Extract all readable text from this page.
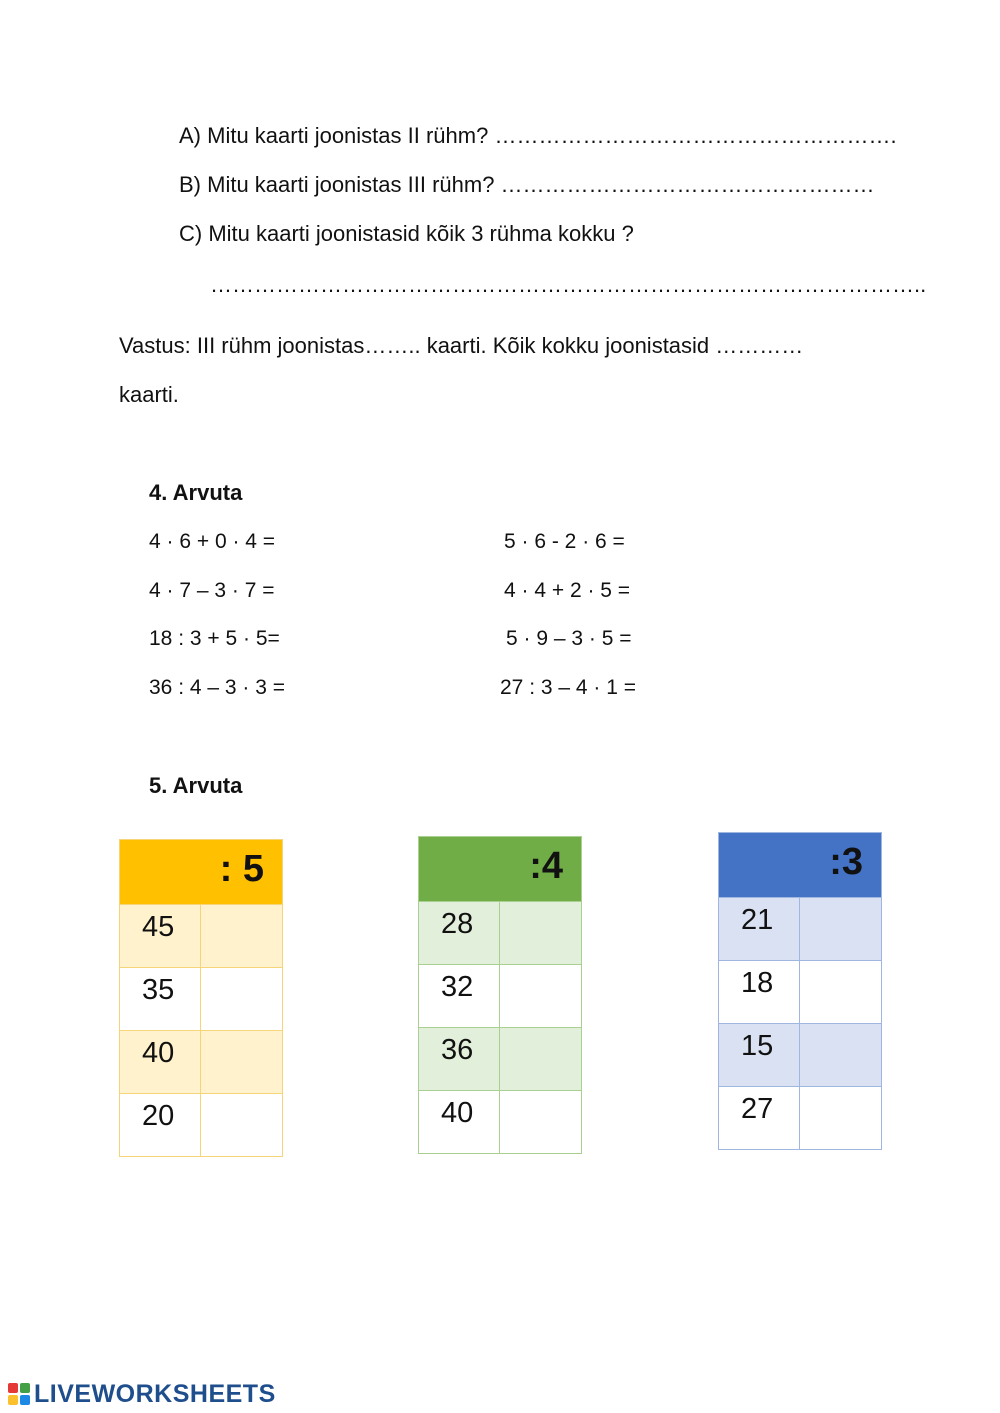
A) Mitu kaarti joonistas II rühm? ……………………………………………….
B) Mitu kaarti joonistas III rühm? ……………………………………………
C) Mitu kaarti joonistasid kõik 3 rühma kokku ?
……………………………………………………………………………………..
Vastus: III rühm joonistas…….. kaarti. Kõik kokku joonistasid …………
kaarti.
4. Arvuta
4 · 6 + 0 · 4 =
4 · 7 – 3 · 7 =
18 : 3 + 5 · 5=
36 : 4 – 3 · 3 =
5 · 6 - 2 · 6 =
4 · 4 + 2 · 5 =
5 · 9 – 3 · 5 =
27 : 3 – 4 · 1 =
5. Arvuta
: 5
45
35
40
20
:4
28
32
36
40
:3
21
18
15
27
LIVEWORKSHEETS
